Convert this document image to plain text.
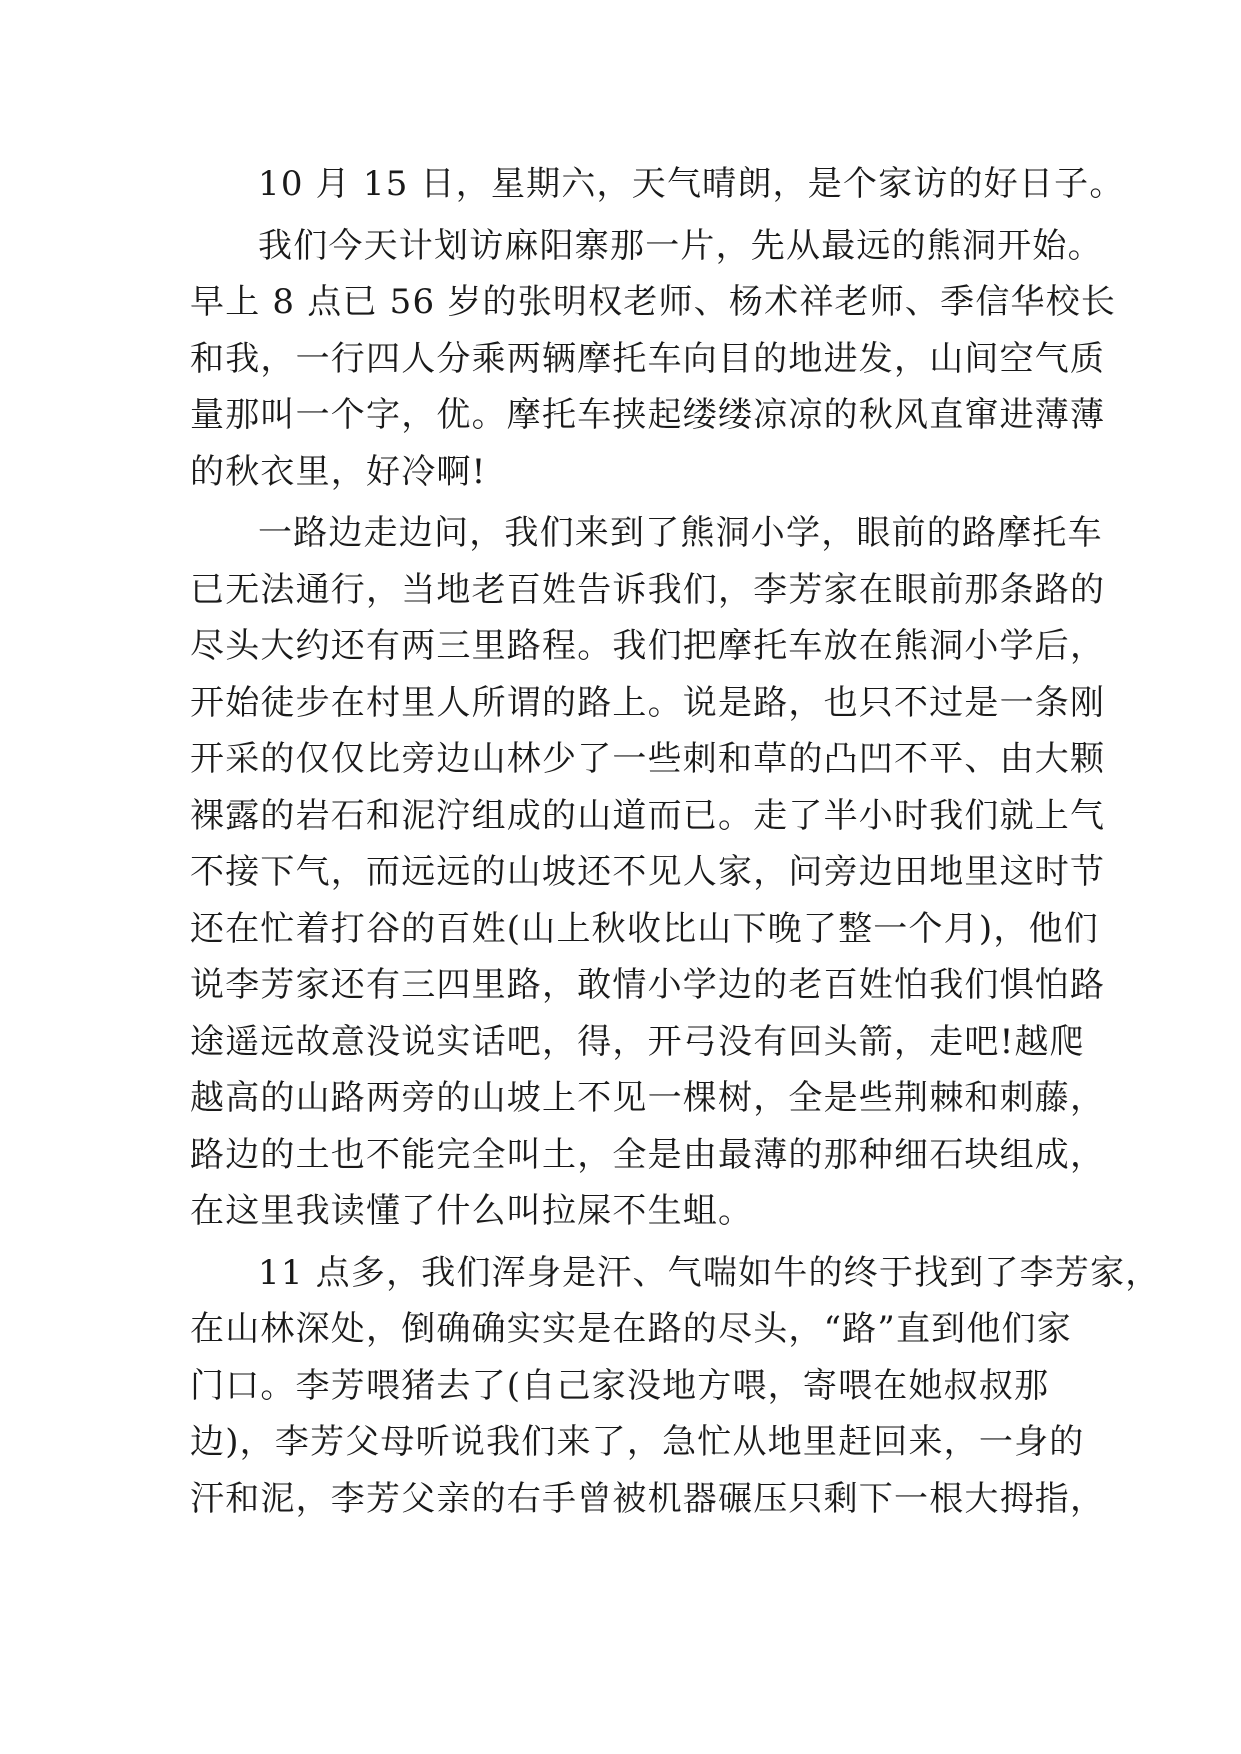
10 月 15 日，星期六，天气晴朗，是个家访的好日子。
我们今天计划访麻阳寨那一片，先从最远的熊洞开始。
早上 8 点已 56 岁的张明权老师、杨术祥老师、季信华校长
和我，一行四人分乘两辆摩托车向目的地进发，山间空气质
量那叫一个字，优。摩托车挟起缕缕凉凉的秋风直窜进薄薄
的秋衣里，好冷啊!
一路边走边问，我们来到了熊洞小学，眼前的路摩托车
已无法通行，当地老百姓告诉我们，李芳家在眼前那条路的
尽头大约还有两三里路程。我们把摩托车放在熊洞小学后，
开始徒步在村里人所谓的路上。说是路，也只不过是一条刚
开采的仅仅比旁边山林少了一些刺和草的凸凹不平、由大颗
裸露的岩石和泥泞组成的山道而已。走了半小时我们就上气
不接下气，而远远的山坡还不见人家，问旁边田地里这时节
还在忙着打谷的百姓(山上秋收比山下晚了整一个月)，他们
说李芳家还有三四里路，敢情小学边的老百姓怕我们惧怕路
途遥远故意没说实话吧，得，开弓没有回头箭，走吧!越爬
越高的山路两旁的山坡上不见一棵树，全是些荆棘和刺藤，
路边的土也不能完全叫土，全是由最薄的那种细石块组成，
在这里我读懂了什么叫拉屎不生蛆。
11 点多，我们浑身是汗、气喘如牛的终于找到了李芳家，
在山林深处，倒确确实实是在路的尽头，“路”直到他们家
门口。李芳喂猪去了(自己家没地方喂，寄喂在她叔叔那
边)，李芳父母听说我们来了，急忙从地里赶回来，一身的
汗和泥，李芳父亲的右手曾被机器碾压只剩下一根大拇指，
